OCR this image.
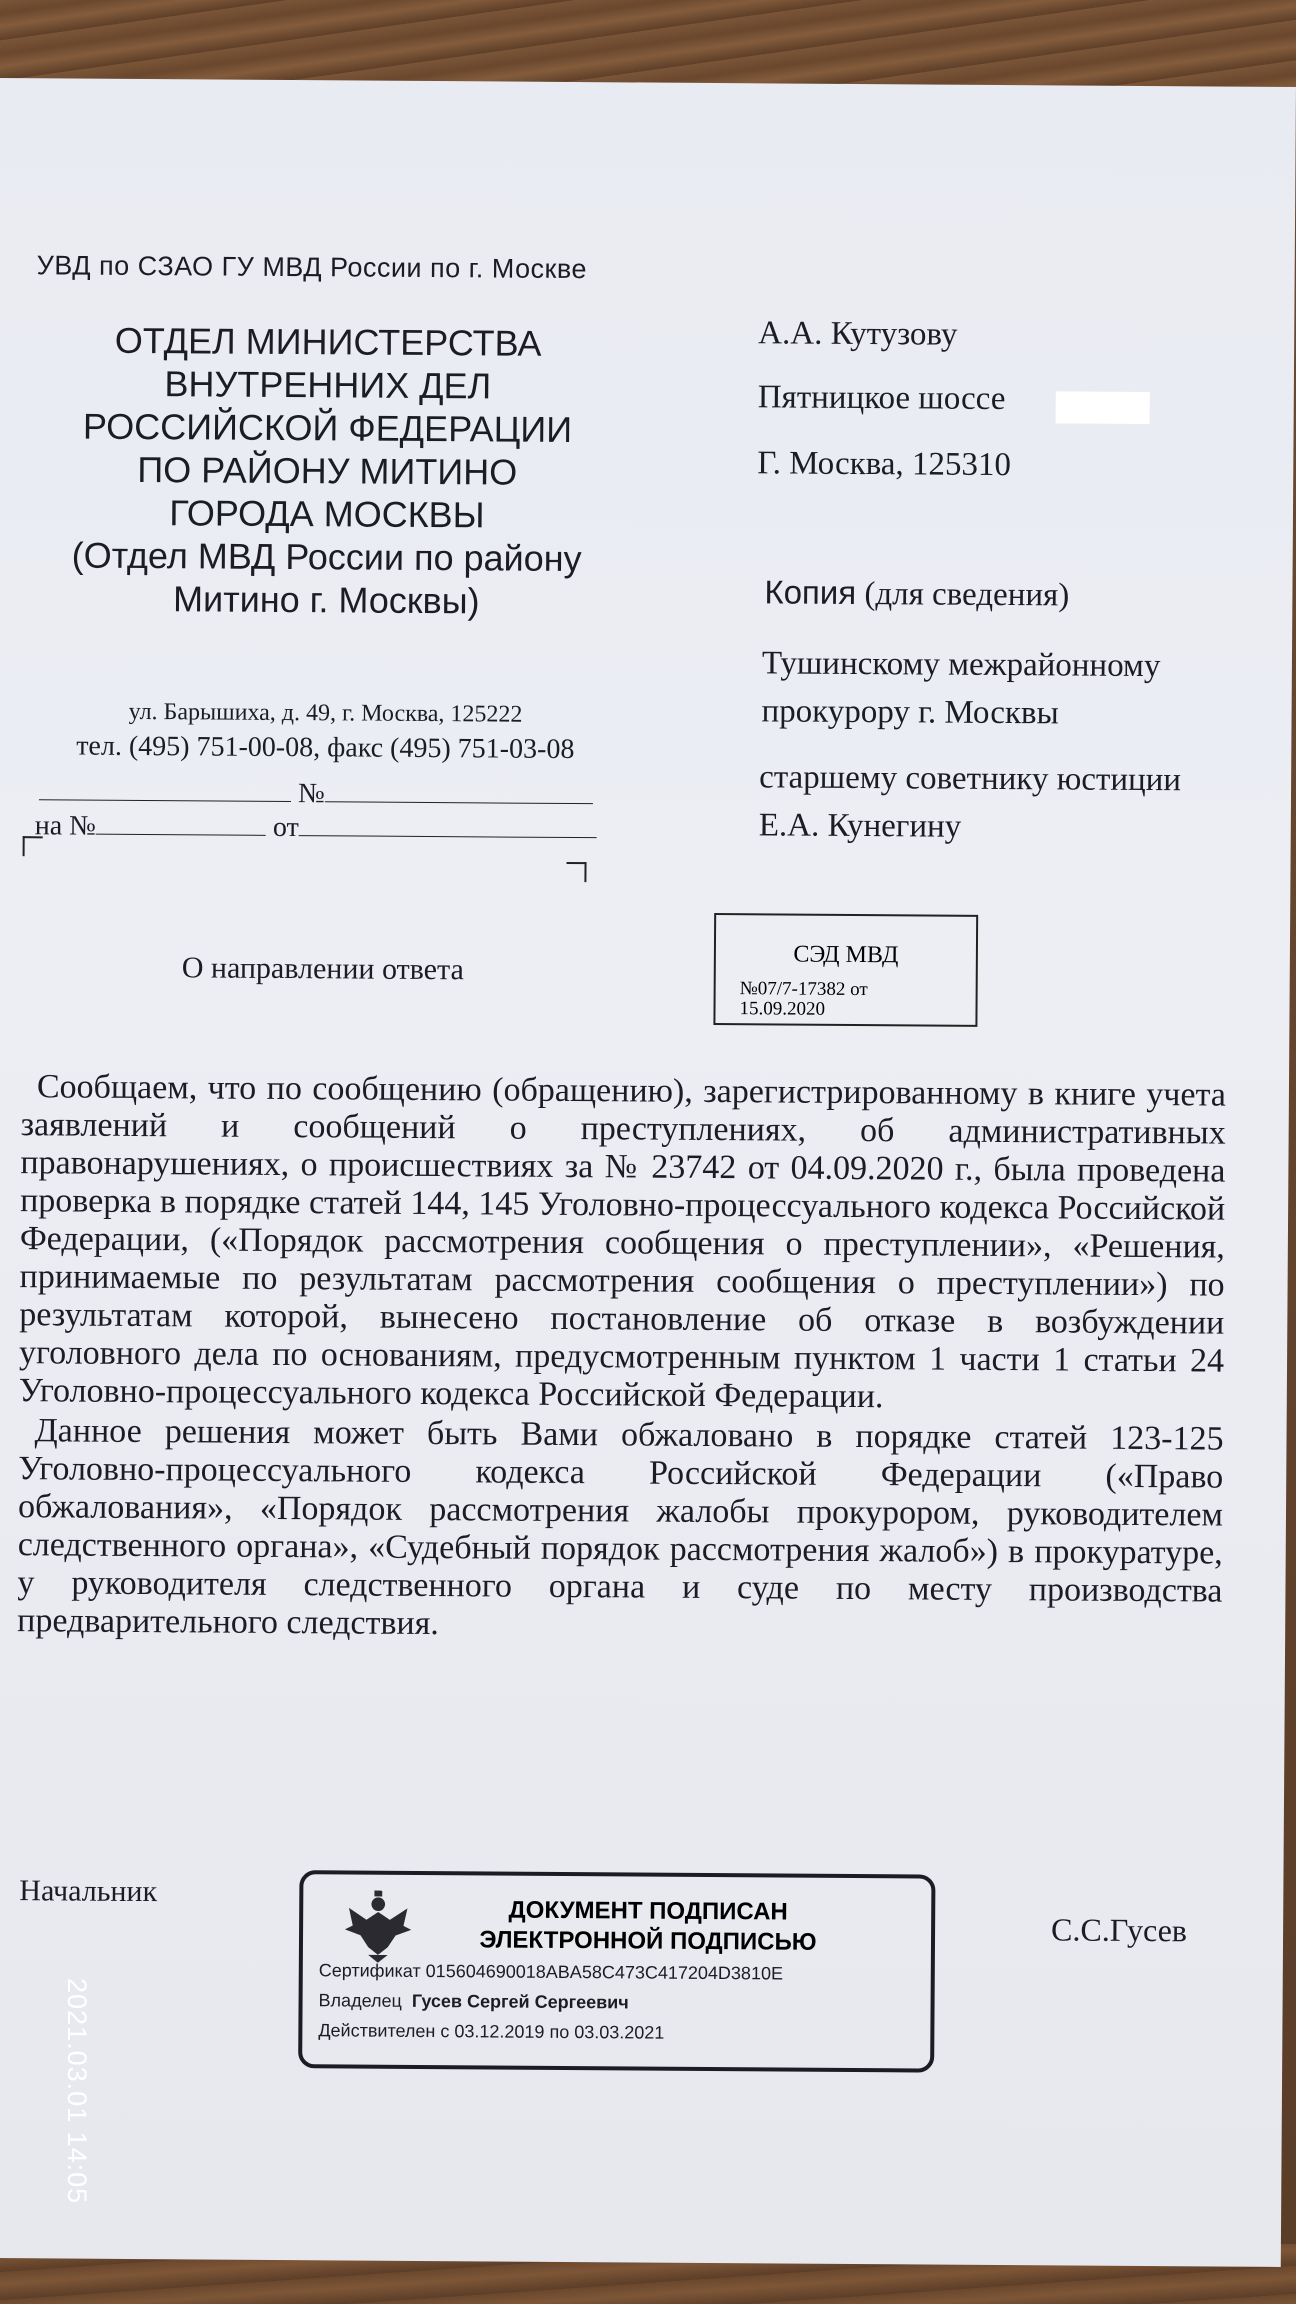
УВД по СЗАО ГУ МВД России по г. Москве
ОТДЕЛ МИНИСТЕРСТВА
ВНУТРЕННИХ ДЕЛ
РОССИЙСКОЙ ФЕДЕРАЦИИ
ПО РАЙОНУ МИТИНО
ГОРОДА МОСКВЫ
(Отдел МВД России по району
Митино г. Москвы)
ул. Барышиха, д. 49, г. Москва, 125222
тел. (495) 751-00-08, факс (495) 751-03-08
№
на №	от
А.А. Кутузову
Пятницкое шоссе
Г. Москва, 125310
Копия (для сведения)
Тушинскому межрайонному
прокурору г. Москвы
старшему советнику юстиции
Е.А. Кунегину
О направлении ответа	СЭД МВД
№07/7-17382 от
15.09.2020

Сообщаем, что по сообщению (обращению), зарегистрированному в книге учета заявлений и сообщений о преступлениях, об административных правонарушениях, о происшествиях за № 23742 от 04.09.2020 г., была проведена проверка в порядке статей 144, 145 Уголовно-процессуального кодекса Российской Федерации, («Порядок рассмотрения сообщения о преступлении», «Решения, принимаемые по результатам рассмотрения сообщения о преступлении») по результатам которой, вынесено постановление об отказе в возбуждении уголовного дела по основаниям, предусмотренным пунктом 1 части 1 статьи 24 Уголовно-процессуального кодекса Российской Федерации.

Данное решения может быть Вами обжаловано в порядке статей 123-125 Уголовно-процессуального кодекса Российской Федерации («Право обжалования», «Порядок рассмотрения жалобы прокурором, руководителем следственного органа», «Судебный порядок рассмотрения жалоб») в прокуратуре, у руководителя следственного органа и суде по месту производства предварительного следствия.

Начальник
ДОКУМЕНТ ПОДПИСАН
ЭЛЕКТРОННОЙ ПОДПИСЬЮ
Сертификат 015604690018ABA58C473C417204D3810E
Владелец Гусев Сергей Сергеевич
Действителен с 03.12.2019 по 03.03.2021
С.С.Гусев
2021.03.01 14:05
